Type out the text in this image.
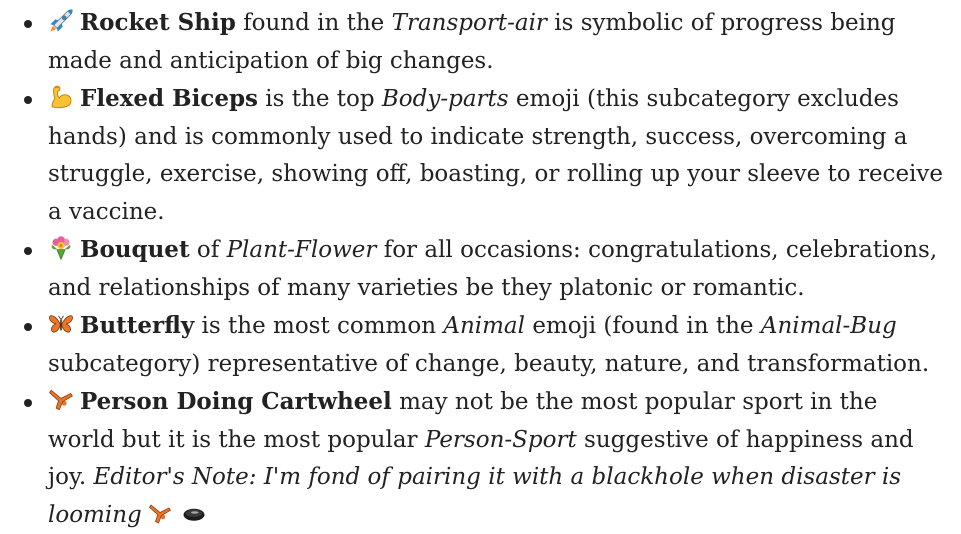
Rocket Ship found in the Transport-air is symbolic of progress being made and anticipation of big changes.
Flexed Biceps is the top Body-parts emoji (this subcategory excludes hands) and is commonly used to indicate strength, success, overcoming a struggle, exercise, showing off, boasting, or rolling up your sleeve to receive a vaccine.
Bouquet of Plant-Flower for all occasions: congratulations, celebrations, and relationships of many varieties be they platonic or romantic.
Butterfly is the most common Animal emoji (found in the Animal-Bug subcategory) representative of change, beauty, nature, and transformation.
Person Doing Cartwheel may not be the most popular sport in the world but it is the most popular Person-Sport suggestive of happiness and joy. Editor's Note: I'm fond of pairing it with a blackhole when disaster is looming
